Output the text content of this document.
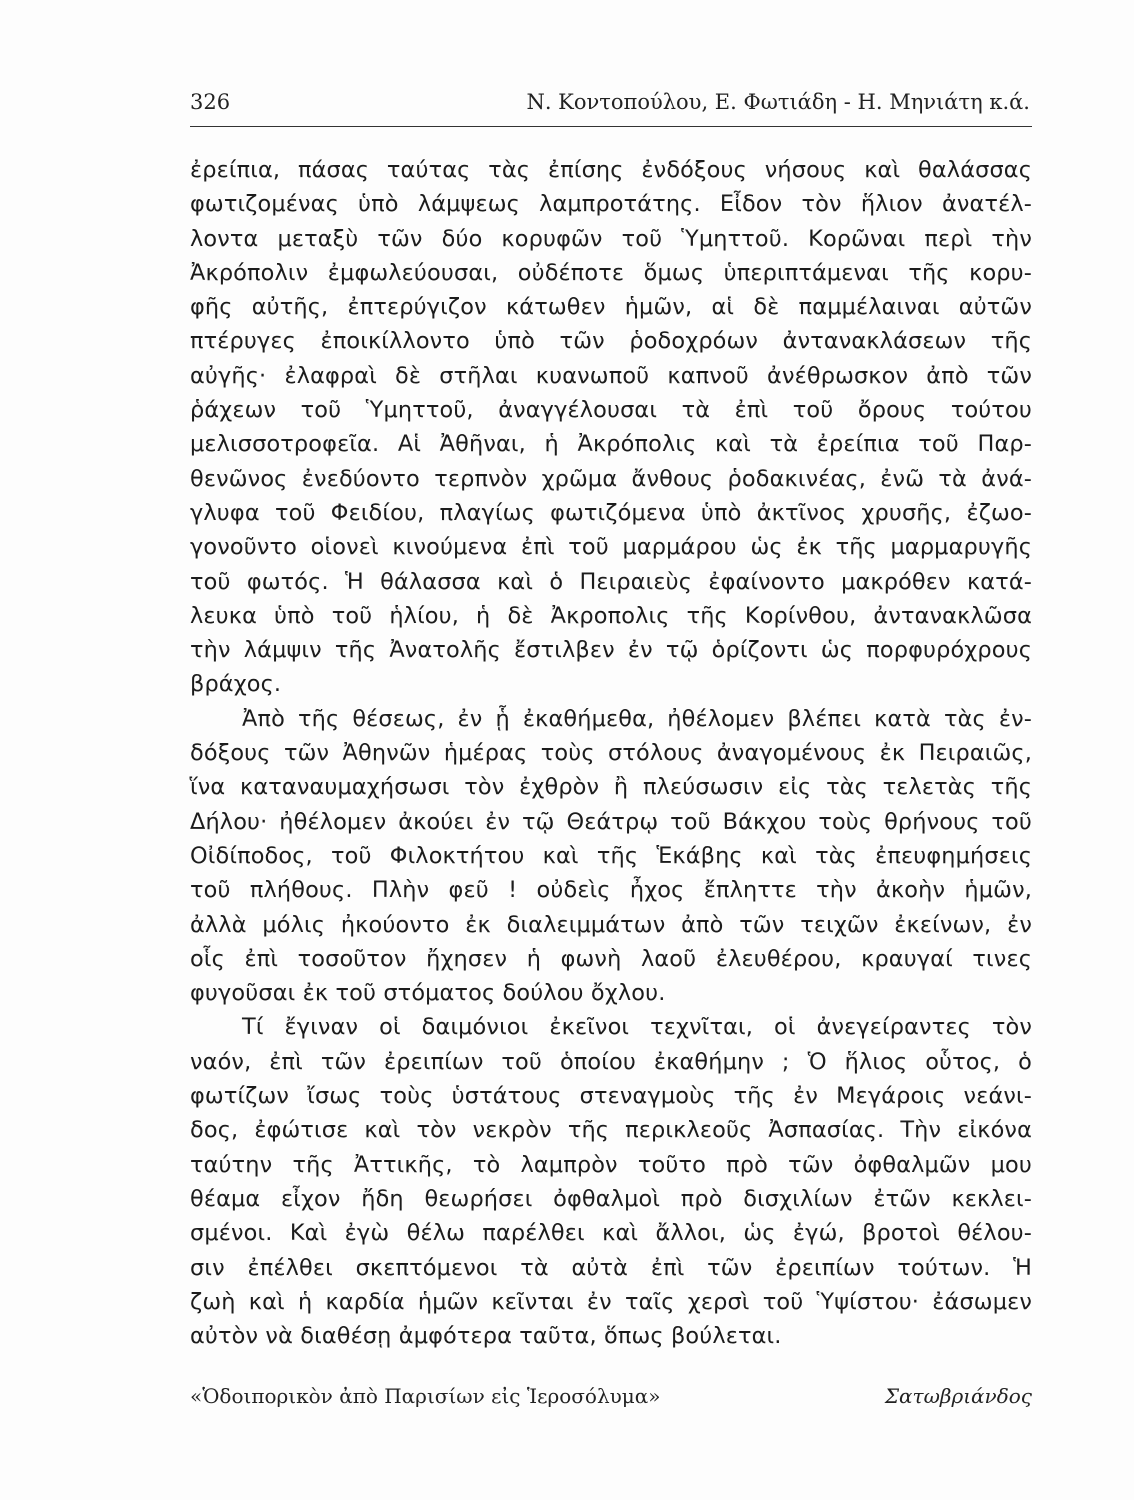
326	Ν. Κοντοπούλου, Ε. Φωτιάδη - Η. Μηνιάτη κ.ά.
ἐρείπια, πάσας ταύτας τὰς ἐπίσης ἐνδόξους νήσους καὶ θαλάσσας
φωτιζομένας ὑπὸ λάμψεως λαμπροτάτης. Εἶδον τὸν ἥλιον ἀνατέλ-
λοντα μεταξὺ τῶν δύο κορυφῶν τοῦ Ὑμηττοῦ. Κορῶναι περὶ τὴν
Ἀκρόπολιν ἐμφωλεύουσαι, οὐδέποτε ὅμως ὑπεριπτάμεναι τῆς κορυ-
φῆς αὐτῆς, ἐπτερύγιζον κάτωθεν ἡμῶν, αἱ δὲ παμμέλαιναι αὐτῶν
πτέρυγες ἐποικίλλοντο ὑπὸ τῶν ῥοδοχρόων ἀντανακλάσεων τῆς
αὐγῆς· ἐλαφραὶ δὲ στῆλαι κυανωποῦ καπνοῦ ἀνέθρωσκον ἀπὸ τῶν
ῥάχεων τοῦ Ὑμηττοῦ, ἀναγγέλουσαι τὰ ἐπὶ τοῦ ὄρους τούτου
μελισσοτροφεῖα. Αἱ Ἀθῆναι, ἡ Ἀκρόπολις καὶ τὰ ἐρείπια τοῦ Παρ-
θενῶνος ἐνεδύοντο τερπνὸν χρῶμα ἄνθους ῥοδακινέας, ἐνῶ τὰ ἀνά-
γλυφα τοῦ Φειδίου, πλαγίως φωτιζόμενα ὑπὸ ἀκτῖνος χρυσῆς, ἐζωο-
γονοῦντο οἱονεὶ κινούμενα ἐπὶ τοῦ μαρμάρου ὡς ἐκ τῆς μαρμαρυγῆς
τοῦ φωτός. Ἡ θάλασσα καὶ ὁ Πειραιεὺς ἐφαίνοντο μακρόθεν κατά-
λευκα ὑπὸ τοῦ ἡλίου, ἡ δὲ Ἀκροπολις τῆς Κορίνθου, ἀντανακλῶσα
τὴν λάμψιν τῆς Ἀνατολῆς ἔστιλβεν ἐν τῷ ὁρίζοντι ὡς πορφυρόχρους
βράχος.
Ἀπὸ τῆς θέσεως, ἐν ᾗ ἐκαθήμεθα, ἠθέλομεν βλέπει κατὰ τὰς ἐν-
δόξους τῶν Ἀθηνῶν ἡμέρας τοὺς στόλους ἀναγομένους ἐκ Πειραιῶς,
ἵνα καταναυμαχήσωσι τὸν ἐχθρὸν ἢ πλεύσωσιν εἰς τὰς τελετὰς τῆς
Δήλου· ἠθέλομεν ἀκούει ἐν τῷ Θεάτρῳ τοῦ Βάκχου τοὺς θρήνους τοῦ
Οἰδίποδος, τοῦ Φιλοκτήτου καὶ τῆς Ἑκάβης καὶ τὰς ἐπευφημήσεις
τοῦ πλήθους. Πλὴν φεῦ ! οὐδεὶς ἦχος ἔπληττε τὴν ἀκοὴν ἡμῶν,
ἀλλὰ μόλις ἠκούοντο ἐκ διαλειμμάτων ἀπὸ τῶν τειχῶν ἐκείνων, ἐν
οἷς ἐπὶ τοσοῦτον ἤχησεν ἡ φωνὴ λαοῦ ἐλευθέρου, κραυγαί τινες
φυγοῦσαι ἐκ τοῦ στόματος δούλου ὄχλου.
Τί ἔγιναν οἱ δαιμόνιοι ἐκεῖνοι τεχνῖται, οἱ ἀνεγείραντες τὸν
ναόν, ἐπὶ τῶν ἐρειπίων τοῦ ὁποίου ἐκαθήμην ; Ὁ ἥλιος οὗτος, ὁ
φωτίζων ἴσως τοὺς ὑστάτους στεναγμοὺς τῆς ἐν Μεγάροις νεάνι-
δος, ἐφώτισε καὶ τὸν νεκρὸν τῆς περικλεοῦς Ἀσπασίας. Τὴν εἰκόνα
ταύτην τῆς Ἀττικῆς, τὸ λαμπρὸν τοῦτο πρὸ τῶν ὀφθαλμῶν μου
θέαμα εἶχον ἤδη θεωρήσει ὀφθαλμοὶ πρὸ δισχιλίων ἐτῶν κεκλει-
σμένοι. Καὶ ἐγὼ θέλω παρέλθει καὶ ἄλλοι, ὡς ἐγώ, βροτοὶ θέλου-
σιν ἐπέλθει σκεπτόμενοι τὰ αὐτὰ ἐπὶ τῶν ἐρειπίων τούτων. Ἡ
ζωὴ καὶ ἡ καρδία ἡμῶν κεῖνται ἐν ταῖς χερσὶ τοῦ Ὑψίστου· ἐάσωμεν
αὐτὸν νὰ διαθέσῃ ἀμφότερα ταῦτα, ὅπως βούλεται.
«Ὁδοιπορικὸν ἀπὸ Παρισίων εἰς Ἱεροσόλυμα»	Σατωβριάνδος
